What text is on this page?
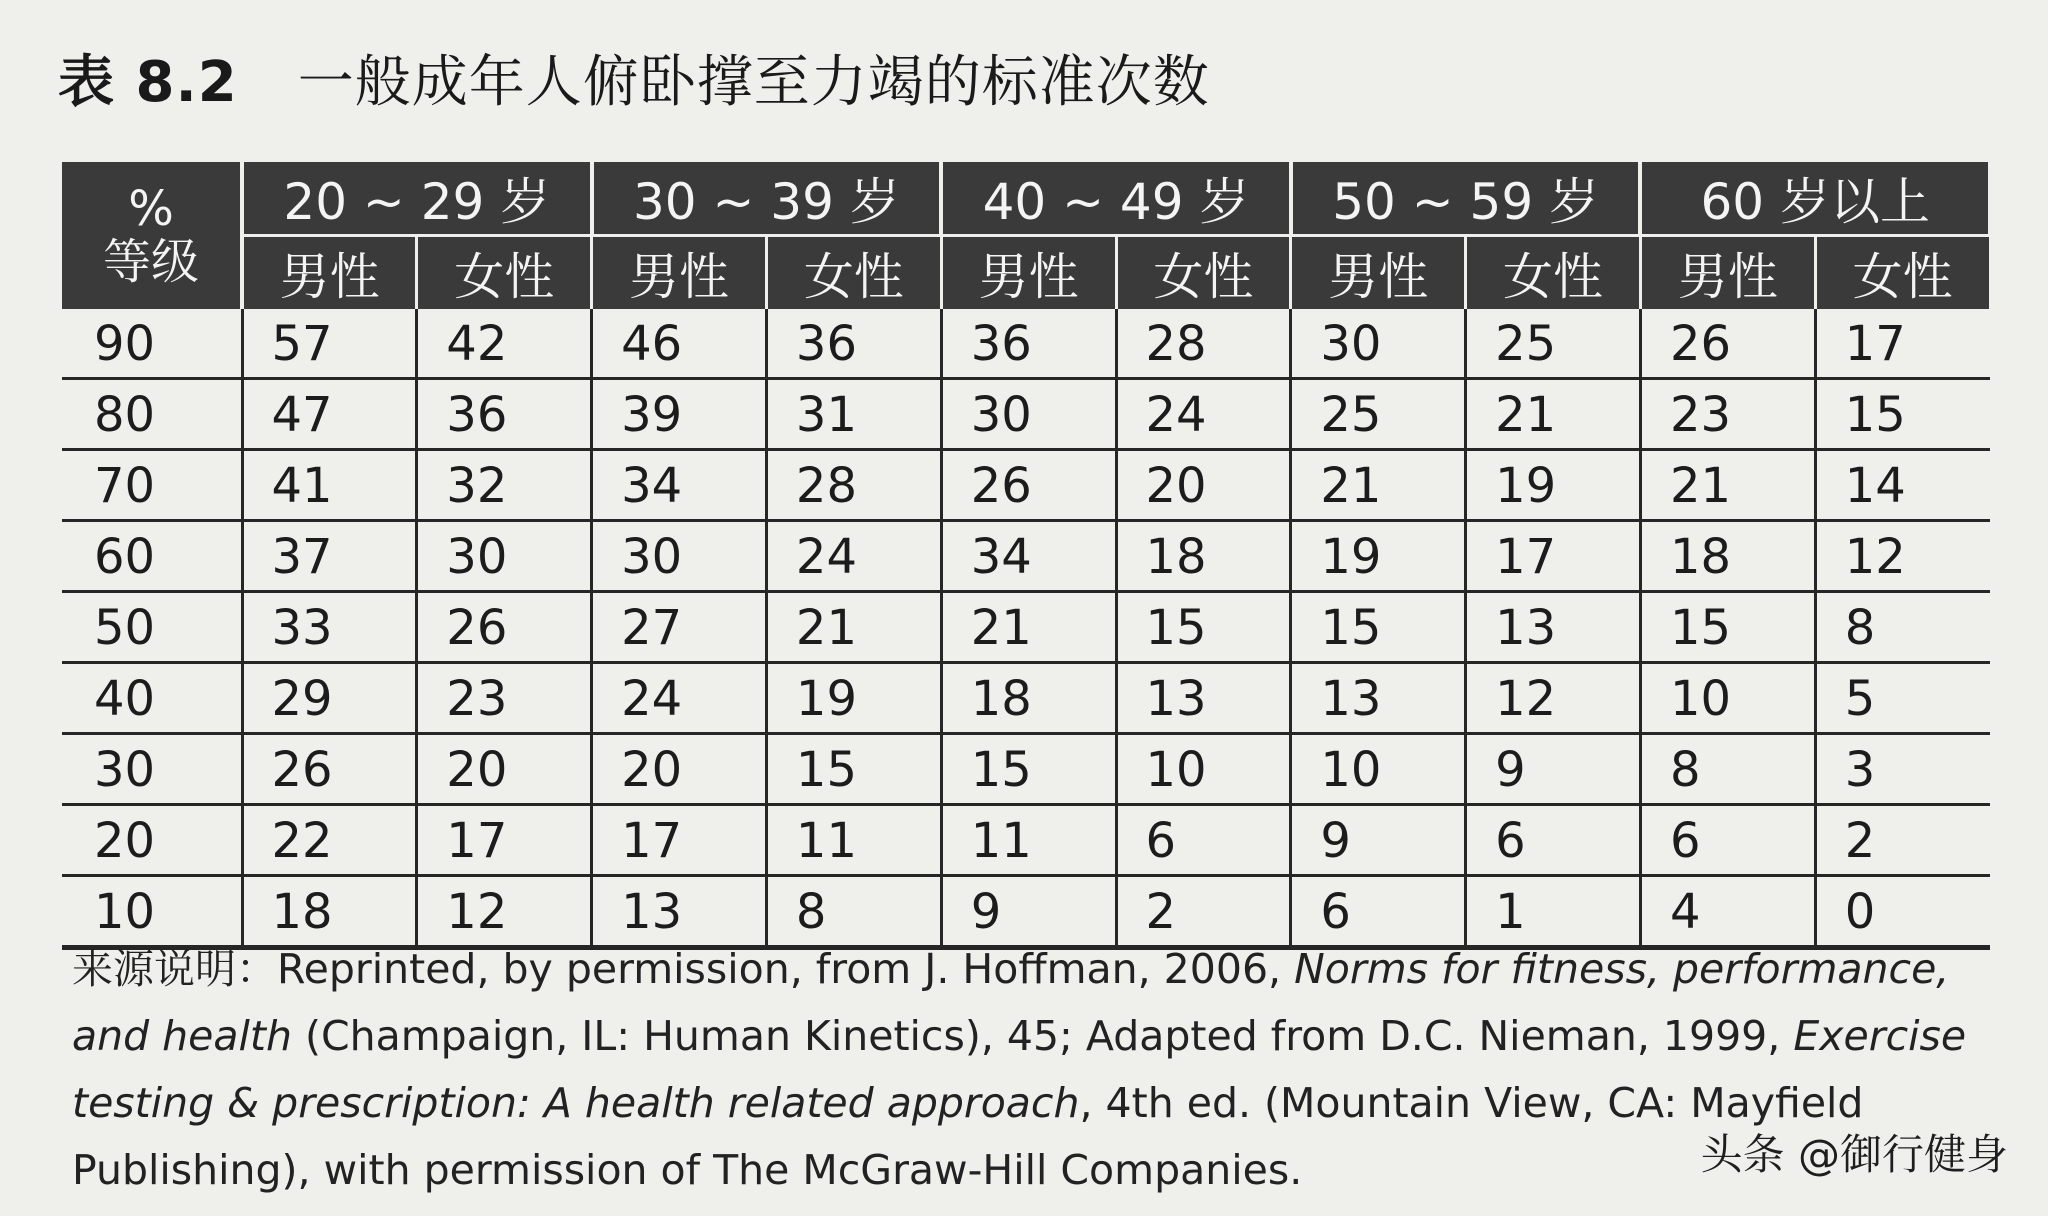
表 8.2 一般成年人俯卧撑至力竭的标准次数
%
等级	20 ~ 29 岁		30 ~ 39 岁		40 ~ 49 岁		50 ~ 59 岁		60 岁以上	
	男性	女性	男性	女性	男性	女性	男性	女性	男性	女性
90	57	42	46	36	36	28	30	25	26	17
80	47	36	39	31	30	24	25	21	23	15
70	41	32	34	28	26	20	21	19	21	14
60	37	30	30	24	34	18	19	17	18	12
50	33	26	27	21	21	15	15	13	15	8
40	29	23	24	19	18	13	13	12	10	5
30	26	20	20	15	15	10	10	9	8	3
20	22	17	17	11	11	6	9	6	6	2
10	18	12	13	8	9	2	6	1	4	0
来源说明：Reprinted, by permission, from J. Hoffman, 2006, Norms for fitness, performance, and health (Champaign, IL: Human Kinetics), 45; Adapted from D.C. Nieman, 1999, Exercise testing & prescription: A health related approach, 4th ed. (Mountain View, CA: Mayfield Publishing), with permission of The McGraw-Hill Companies.	头条 @御行健身
